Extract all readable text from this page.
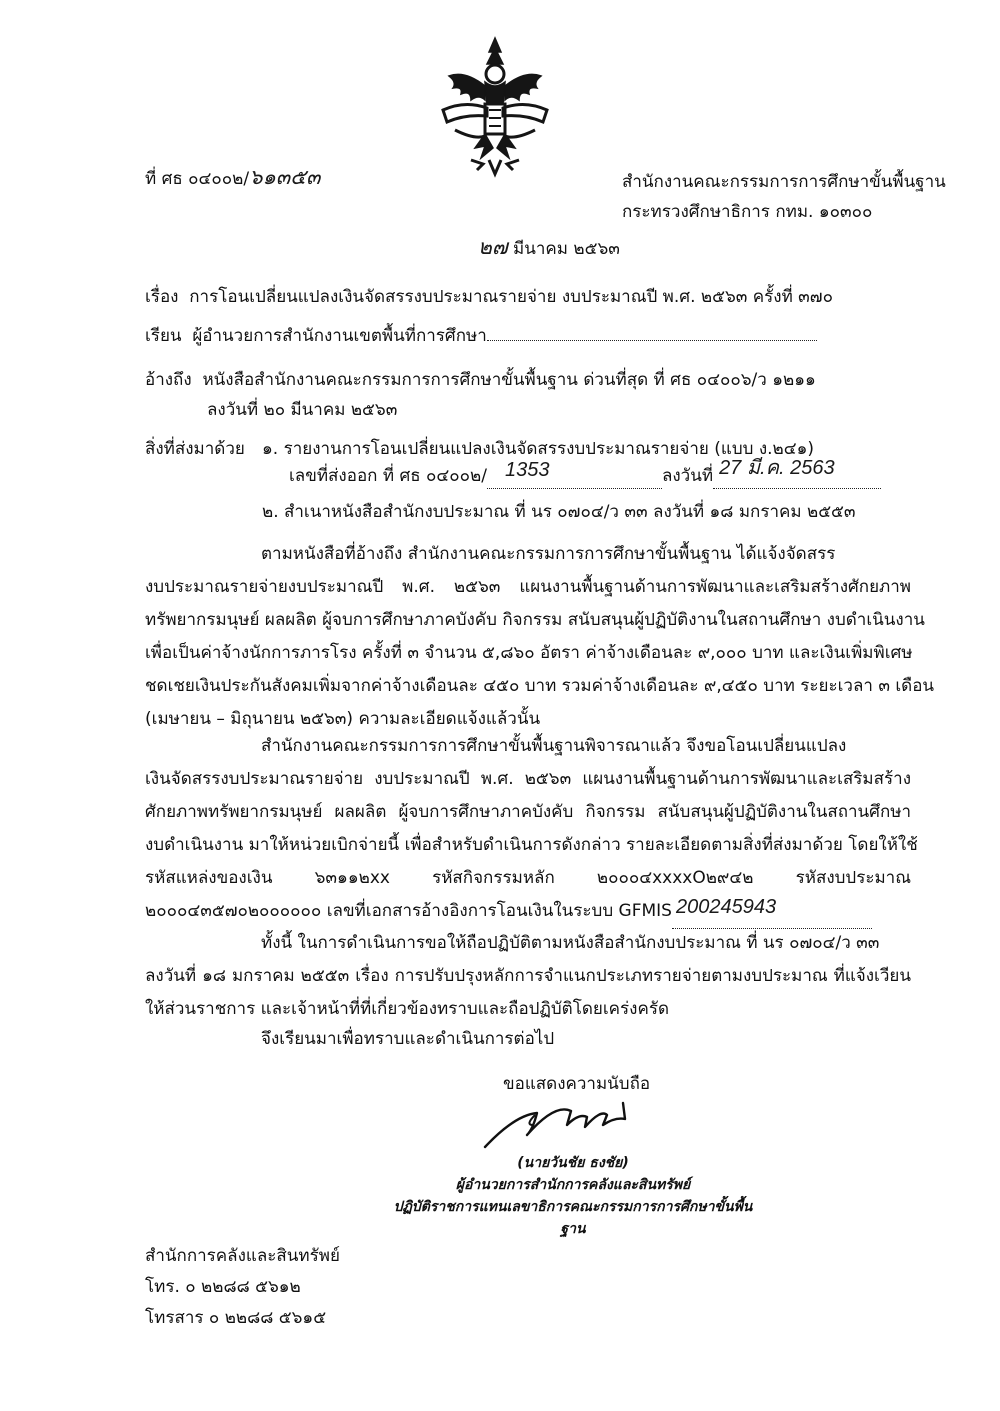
ที่ ศธ ๐๔๐๐๒/๖๑๓๕๓	สำนักงานคณะกรรมการการศึกษาขั้นพื้นฐาน
กระทรวงศึกษาธิการ กทม. ๑๐๓๐๐
๒๗ มีนาคม ๒๕๖๓
เรื่อง การโอนเปลี่ยนแปลงเงินจัดสรรงบประมาณรายจ่าย งบประมาณปี พ.ศ. ๒๕๖๓ ครั้งที่ ๓๗๐
เรียน ผู้อำนวยการสำนักงานเขตพื้นที่การศึกษา
อ้างถึง หนังสือสำนักงานคณะกรรมการการศึกษาขั้นพื้นฐาน ด่วนที่สุด ที่ ศธ ๐๔๐๐๖/ว ๑๒๑๑
ลงวันที่ ๒๐ มีนาคม ๒๕๖๓
สิ่งที่ส่งมาด้วย ๑. รายงานการโอนเปลี่ยนแปลงเงินจัดสรรงบประมาณรายจ่าย (แบบ ง.๒๔๑)
เลขที่ส่งออก ที่ ศธ ๐๔๐๐๒/ 1353	ลงวันที่ 27 มี.ค. 2563

๒. สำเนาหนังสือสำนักงบประมาณ ที่ นร ๐๗๐๔/ว ๓๓ ลงวันที่ ๑๘ มกราคม ๒๕๕๓
ตามหนังสือที่อ้างถึง สำนักงานคณะกรรมการการศึกษาขั้นพื้นฐาน ได้แจ้งจัดสรร
งบประมาณรายจ่ายงบประมาณปี พ.ศ. ๒๕๖๓ แผนงานพื้นฐานด้านการพัฒนาและเสริมสร้างศักยภาพ
ทรัพยากรมนุษย์ ผลผลิต ผู้จบการศึกษาภาคบังคับ กิจกรรม สนับสนุนผู้ปฏิบัติงานในสถานศึกษา งบดำเนินงาน
เพื่อเป็นค่าจ้างนักการภารโรง ครั้งที่ ๓ จำนวน ๕,๘๖๐ อัตรา ค่าจ้างเดือนละ ๙,๐๐๐ บาท และเงินเพิ่มพิเศษ
ชดเชยเงินประกันสังคมเพิ่มจากค่าจ้างเดือนละ ๔๕๐ บาท รวมค่าจ้างเดือนละ ๙,๔๕๐ บาท ระยะเวลา ๓ เดือน
(เมษายน – มิถุนายน ๒๕๖๓) ความละเอียดแจ้งแล้วนั้น
สำนักงานคณะกรรมการการศึกษาขั้นพื้นฐานพิจารณาแล้ว จึงขอโอนเปลี่ยนแปลง
เงินจัดสรรงบประมาณรายจ่าย งบประมาณปี พ.ศ. ๒๕๖๓ แผนงานพื้นฐานด้านการพัฒนาและเสริมสร้าง
ศักยภาพทรัพยากรมนุษย์ ผลผลิต ผู้จบการศึกษาภาคบังคับ กิจกรรม สนับสนุนผู้ปฏิบัติงานในสถานศึกษา
งบดำเนินงาน มาให้หน่วยเบิกจ่ายนี้ เพื่อสำหรับดำเนินการดังกล่าว รายละเอียดตามสิ่งที่ส่งมาด้วย โดยให้ใช้
รหัสแหล่งของเงิน ๖๓๑๑๒xx รหัสกิจกรรมหลัก ๒๐๐๐๔xxxxO๒๙๔๒ รหัสงบประมาณ
๒๐๐๐๔๓๕๗๐๒๐๐๐๐๐๐ เลขที่เอกสารอ้างอิงการโอนเงินในระบบ GFMIS 200245943

ทั้งนี้ ในการดำเนินการขอให้ถือปฏิบัติตามหนังสือสำนักงบประมาณ ที่ นร ๐๗๐๔/ว ๓๓
ลงวันที่ ๑๘ มกราคม ๒๕๕๓ เรื่อง การปรับปรุงหลักการจำแนกประเภทรายจ่ายตามงบประมาณ ที่แจ้งเวียน
ให้ส่วนราชการ และเจ้าหน้าที่ที่เกี่ยวข้องทราบและถือปฏิบัติโดยเคร่งครัด
จึงเรียนมาเพื่อทราบและดำเนินการต่อไป
ขอแสดงความนับถือ
(นายวันชัย ธงชัย)
ผู้อำนวยการสำนักการคลังและสินทรัพย์
ปฏิบัติราชการแทนเลขาธิการคณะกรรมการการศึกษาขั้นพื้นฐาน
สำนักการคลังและสินทรัพย์
โทร. ๐ ๒๒๘๘ ๕๖๑๒
โทรสาร ๐ ๒๒๘๘ ๕๖๑๕
